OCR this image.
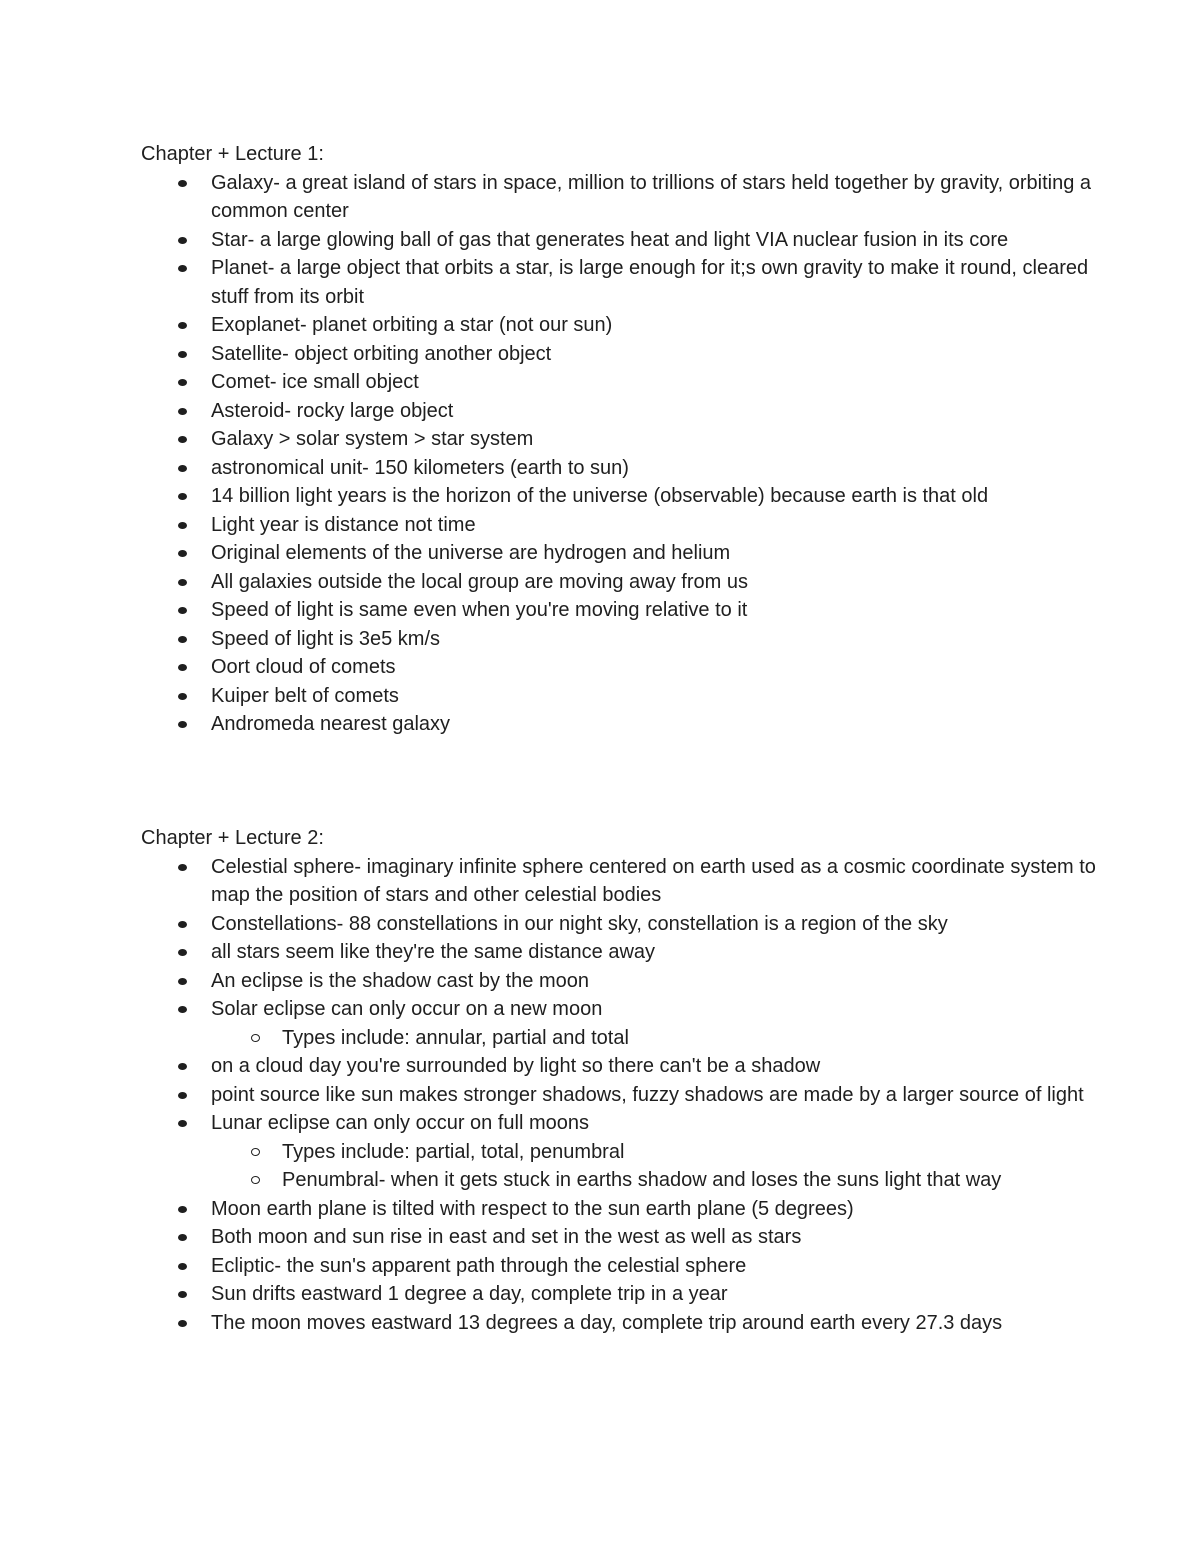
Chapter + Lecture 1:

Galaxy- a great island of stars in space, million to trillions of stars held together by gravity, orbiting a common center
Star- a large glowing ball of gas that generates heat and light VIA nuclear fusion in its core
Planet- a large object that orbits a star, is large enough for it;s own gravity to make it round, cleared stuff from its orbit
Exoplanet- planet orbiting a star (not our sun)
Satellite- object orbiting another object
Comet- ice small object
Asteroid- rocky large object
Galaxy > solar system > star system
astronomical unit- 150 kilometers (earth to sun)
14 billion light years is the horizon of the universe (observable) because earth is that old
Light year is distance not time
Original elements of the universe are hydrogen and helium
All galaxies outside the local group are moving away from us
Speed of light is same even when you're moving relative to it
Speed of light is 3e5 km/s
Oort cloud of comets
Kuiper belt of comets
Andromeda nearest galaxy

Chapter + Lecture 2:

Celestial sphere- imaginary infinite sphere centered on earth used as a cosmic coordinate system to map the position of stars and other celestial bodies
Constellations- 88 constellations in our night sky, constellation is a region of the sky
all stars seem like they're the same distance away
An eclipse is the shadow cast by the moon
Solar eclipse can only occur on a new moon
Types include: annular, partial and total
on a cloud day you're surrounded by light so there can't be a shadow
point source like sun makes stronger shadows, fuzzy shadows are made by a larger source of light
Lunar eclipse can only occur on full moons
Types include: partial, total, penumbral
Penumbral- when it gets stuck in earths shadow and loses the suns light that way
Moon earth plane is tilted with respect to the sun earth plane (5 degrees)
Both moon and sun rise in east and set in the west as well as stars
Ecliptic- the sun's apparent path through the celestial sphere
Sun drifts eastward 1 degree a day, complete trip in a year
The moon moves eastward 13 degrees a day, complete trip around earth every 27.3 days
